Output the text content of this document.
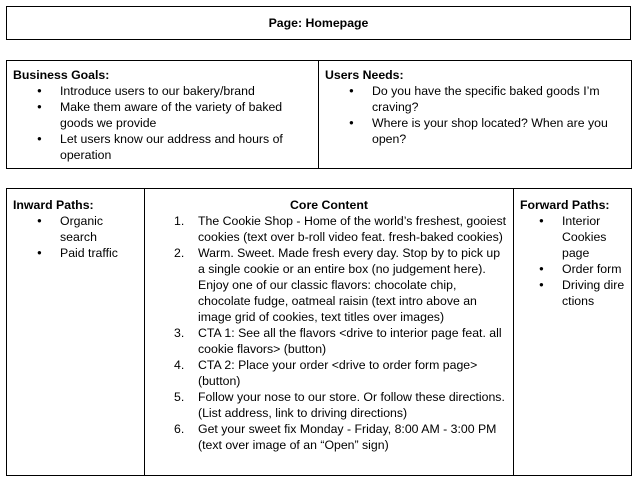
Page: Homepage
Business Goals:
● Introduce users to our bakery/brand
● Make them aware of the variety of baked goods we provide
● Let users know our address and hours of operation

Users Needs:
● Do you have the specific baked goods I’m craving?
● Where is your shop located? When are you open?
Inward Paths:
● Organic search
● Paid traffic

Core Content
1. The Cookie Shop - Home of the world’s freshest, gooiest cookies (text over b-roll video feat. fresh-baked cookies)
2. Warm. Sweet. Made fresh every day. Stop by to pick up a single cookie or an entire box (no judgement here). Enjoy one of our classic flavors: chocolate chip, chocolate fudge, oatmeal raisin (text intro above an image grid of cookies, text titles over images)
3. CTA 1: See all the flavors <drive to interior page feat. all cookie flavors> (button)
4. CTA 2: Place your order <drive to order form page> (button)
5. Follow your nose to our store. Or follow these directions. (List address, link to driving directions)
6. Get your sweet fix Monday - Friday, 8:00 AM - 3:00 PM (text over image of an “Open” sign)

Forward Paths:
● Interior Cookies page
● Order form
● Driving directions
